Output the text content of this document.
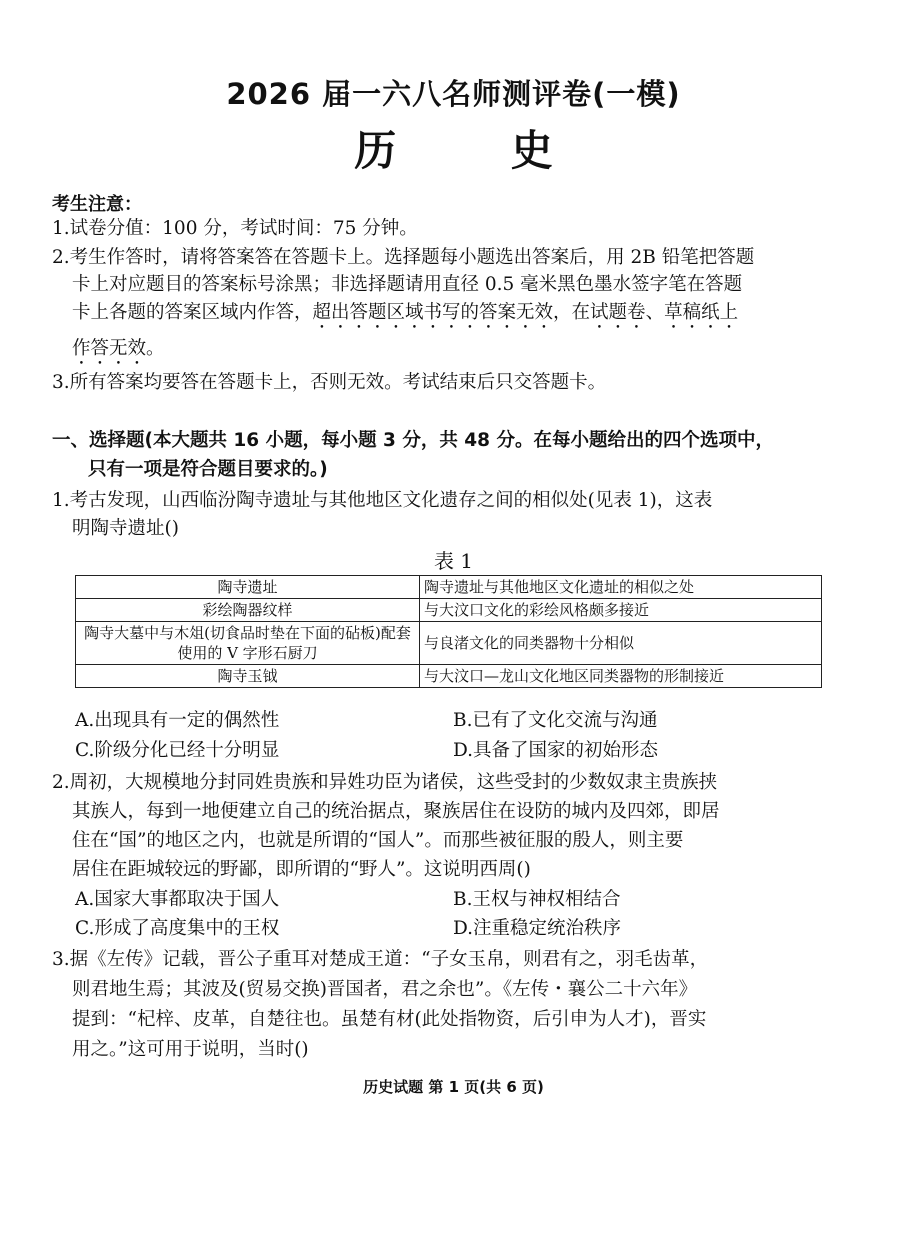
2026 届一六八名师测评卷(一模)
历 史
考生注意：
1.试卷分值：100 分，考试时间：75 分钟。
2.考生作答时，请将答案答在答题卡上。选择题每小题选出答案后，用 2B 铅笔把答题
卡上对应题目的答案标号涂黑；非选择题请用直径 0.5 毫米黑色墨水签字笔在答题
卡上各题的答案区域内作答，超出答题区域书写的答案无效，在试题卷、草稿纸上
作答无效。
3.所有答案均要答在答题卡上，否则无效。考试结束后只交答题卡。
一、选择题(本大题共 16 小题，每小题 3 分，共 48 分。在每小题给出的四个选项中，
只有一项是符合题目要求的。)
1.考古发现，山西临汾陶寺遗址与其他地区文化遗存之间的相似处(见表 1)，这表
明陶寺遗址()
表 1
陶寺遗址	陶寺遗址与其他地区文化遗址的相似之处
彩绘陶器纹样	与大汶口文化的彩绘风格颇多接近
陶寺大墓中与木俎(切食品时垫在下面的砧板)配套使用的 V 字形石厨刀	与良渚文化的同类器物十分相似
陶寺玉钺	与大汶口—龙山文化地区同类器物的形制接近
A.出现具有一定的偶然性	B.已有了文化交流与沟通
C.阶级分化已经十分明显	D.具备了国家的初始形态
2.周初，大规模地分封同姓贵族和异姓功臣为诸侯，这些受封的少数奴隶主贵族挟
其族人，每到一地便建立自己的统治据点，聚族居住在设防的城内及四郊，即居
住在“国”的地区之内，也就是所谓的“国人”。而那些被征服的殷人，则主要
居住在距城较远的野鄙，即所谓的“野人”。这说明西周()
A.国家大事都取决于国人	B.王权与神权相结合
C.形成了高度集中的王权	D.注重稳定统治秩序
3.据《左传》记载，晋公子重耳对楚成王道：“子女玉帛，则君有之，羽毛齿革，
则君地生焉；其波及(贸易交换)晋国者，君之余也”。《左传・襄公二十六年》
提到：“杞梓、皮革，自楚往也。虽楚有材(此处指物资，后引申为人才)，晋实
用之。”这可用于说明，当时()
历史试题 第 1 页(共 6 页)
